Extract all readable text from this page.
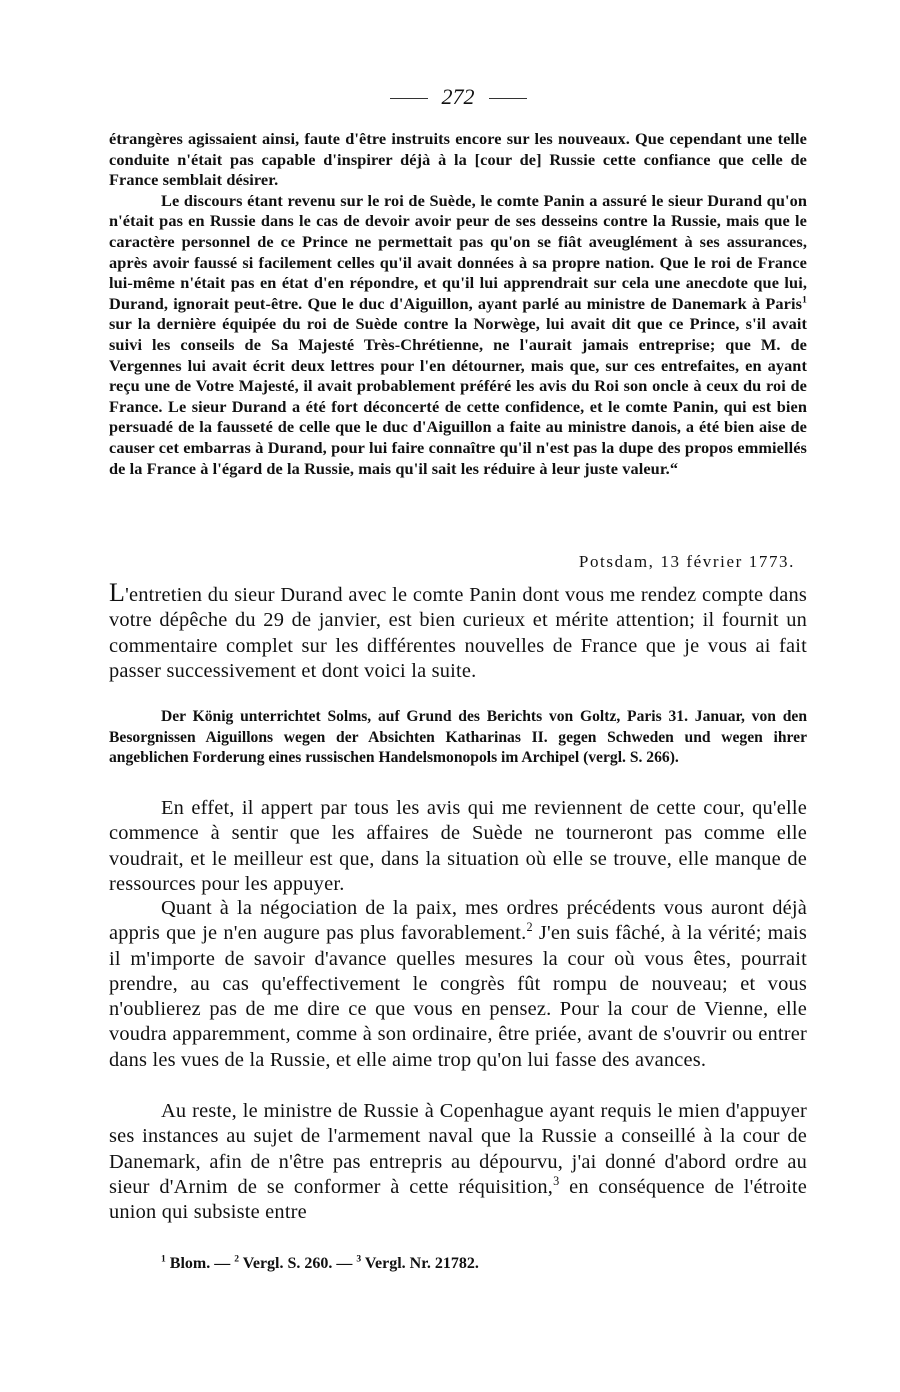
272

étrangères agissaient ainsi, faute d'être instruits encore sur les nouveaux. Que cependant une telle conduite n'était pas capable d'inspirer déjà à la [cour de] Russie cette confiance que celle de France semblait désirer.

Le discours étant revenu sur le roi de Suède, le comte Panin a assuré le sieur Durand qu'on n'était pas en Russie dans le cas de devoir avoir peur de ses desseins contre la Russie, mais que le caractère personnel de ce Prince ne permettait pas qu'on se fiât aveuglément à ses assurances, après avoir faussé si facilement celles qu'il avait données à sa propre nation. Que le roi de France lui-même n'était pas en état d'en répondre, et qu'il lui apprendrait sur cela une anecdote que lui, Durand, ignorait peut-être. Que le duc d'Aiguillon, ayant parlé au ministre de Danemark à Paris$^1$ sur la dernière équipée du roi de Suède contre la Norwège, lui avait dit que ce Prince, s'il avait suivi les conseils de Sa Majesté Très-Chrétienne, ne l'aurait jamais entreprise; que M. de Vergennes lui avait écrit deux lettres pour l'en détourner, mais que, sur ces entrefaites, en ayant reçu une de Votre Majesté, il avait probablement préféré les avis du Roi son oncle à ceux du roi de France. Le sieur Durand a été fort déconcerté de cette confidence, et le comte Panin, qui est bien persuadé de la fausseté de celle que le duc d'Aiguillon a faite au ministre danois, a été bien aise de causer cet embarras à Durand, pour lui faire connaître qu'il n'est pas la dupe des propos emmiellés de la France à l'égard de la Russie, mais qu'il sait les réduire à leur juste valeur.“

Potsdam, 13 février 1773.

L'entretien du sieur Durand avec le comte Panin dont vous me rendez compte dans votre dépêche du 29 de janvier, est bien curieux et mérite attention; il fournit un commentaire complet sur les différentes nouvelles de France que je vous ai fait passer successivement et dont voici la suite.

Der König unterrichtet Solms, auf Grund des Berichts von Goltz, Paris 31. Januar, von den Besorgnissen Aiguillons wegen der Absichten Katharinas II. gegen Schweden und wegen ihrer angeblichen Forderung eines russischen Handelsmonopols im Archipel (vergl. S. 266).

En effet, il appert par tous les avis qui me reviennent de cette cour, qu'elle commence à sentir que les affaires de Suède ne tourneront pas comme elle voudrait, et le meilleur est que, dans la situation où elle se trouve, elle manque de ressources pour les appuyer.

Quant à la négociation de la paix, mes ordres précédents vous auront déjà appris que je n'en augure pas plus favorablement.$^2$ J'en suis fâché, à la vérité; mais il m'importe de savoir d'avance quelles mesures la cour où vous êtes, pourrait prendre, au cas qu'effectivement le congrès fût rompu de nouveau; et vous n'oublierez pas de me dire ce que vous en pensez. Pour la cour de Vienne, elle voudra apparemment, comme à son ordinaire, être priée, avant de s'ouvrir ou entrer dans les vues de la Russie, et elle aime trop qu'on lui fasse des avances.

Au reste, le ministre de Russie à Copenhague ayant requis le mien d'appuyer ses instances au sujet de l'armement naval que la Russie a conseillé à la cour de Danemark, afin de n'être pas entrepris au dépourvu, j'ai donné d'abord ordre au sieur d'Arnim de se conformer à cette réquisition,$^3$ en conséquence de l'étroite union qui subsiste entre

$^1$ Blom. — $^2$ Vergl. S. 260. — $^3$ Vergl. Nr. 21782.
